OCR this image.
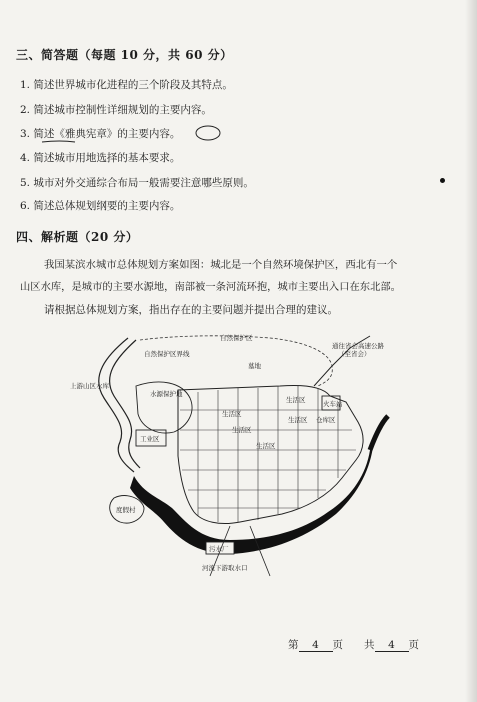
三、简答题（每题 10 分，共 60 分）
1. 简述世界城市化进程的三个阶段及其特点。
2. 简述城市控制性详细规划的主要内容。
3. 简述《雅典宪章》的主要内容。
4. 简述城市用地选择的基本要求。
5. 城市对外交通综合布局一般需要注意哪些原则。
6. 简述总体规划纲要的主要内容。
四、解析题（20 分）
我国某滨水城市总体规划方案如图：城北是一个自然环境保护区，西北有一个
山区水库，是城市的主要水源地，南部被一条河流环抱，城市主要出入口在东北部。
请根据总体规划方案，指出存在的主要问题并提出合理的建议。
自然保护区
自然保护区界线
通往省会高速公路
（至省会）
墓地
上游山区水库
水源保护地
生活区
生活区
生活区
生活区
生活区
仓库区
火车站
工业区
度假村
污水厂
河流下游取水口
第 4 页　　共 4 页
